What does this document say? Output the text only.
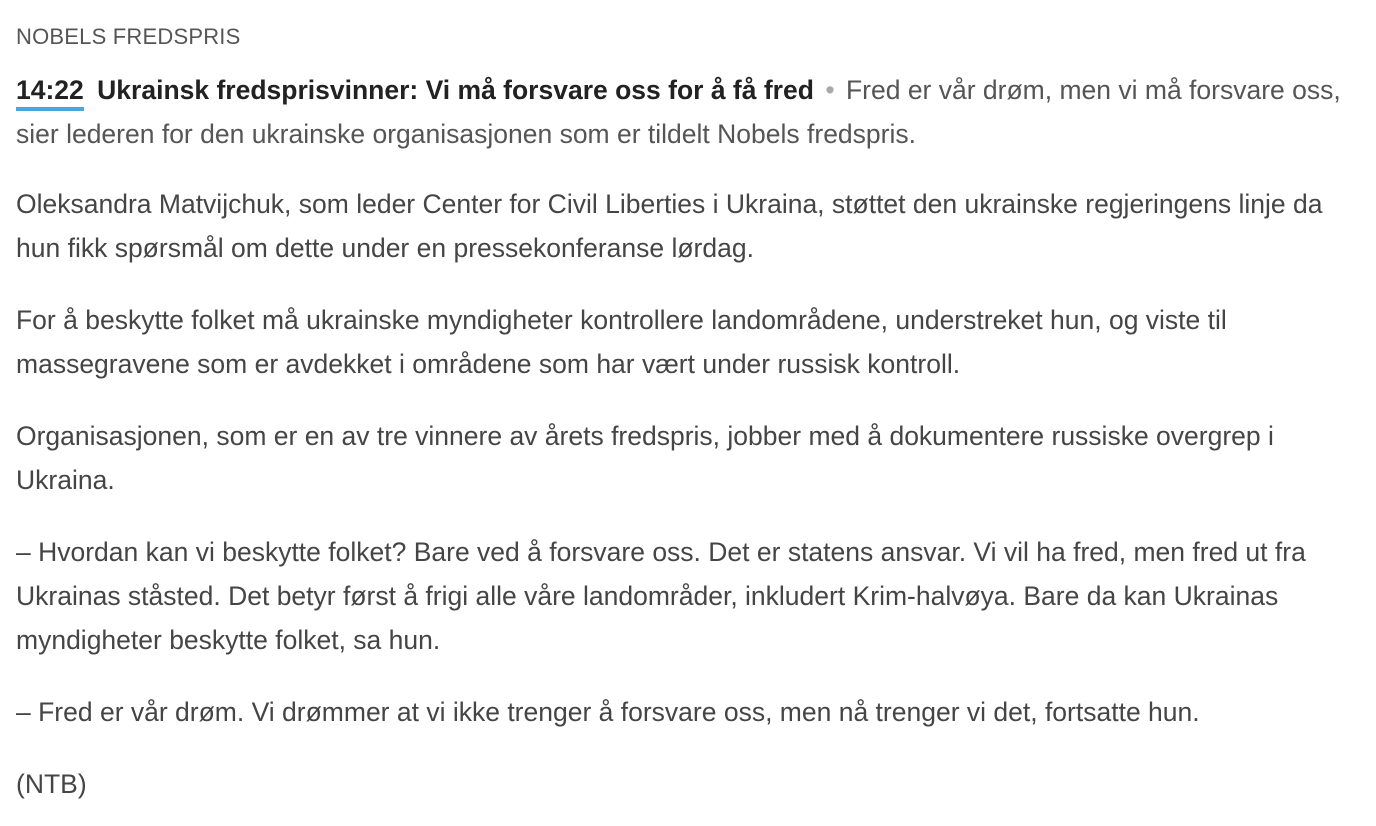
NOBELS FREDSPRIS

14:22 Ukrainsk fredsprisvinner: Vi må forsvare oss for å få fred • Fred er vår drøm, men vi må forsvare oss, sier lederen for den ukrainske organisasjonen som er tildelt Nobels fredspris.

Oleksandra Matvijchuk, som leder Center for Civil Liberties i Ukraina, støttet den ukrainske regjeringens linje da hun fikk spørsmål om dette under en pressekonferanse lørdag.

For å beskytte folket må ukrainske myndigheter kontrollere landområdene, understreket hun, og viste til massegravene som er avdekket i områdene som har vært under russisk kontroll.

Organisasjonen, som er en av tre vinnere av årets fredspris, jobber med å dokumentere russiske overgrep i Ukraina.

– Hvordan kan vi beskytte folket? Bare ved å forsvare oss. Det er statens ansvar. Vi vil ha fred, men fred ut fra Ukrainas ståsted. Det betyr først å frigi alle våre landområder, inkludert Krim-halvøya. Bare da kan Ukrainas myndigheter beskytte folket, sa hun.

– Fred er vår drøm. Vi drømmer at vi ikke trenger å forsvare oss, men nå trenger vi det, fortsatte hun.

(NTB)
